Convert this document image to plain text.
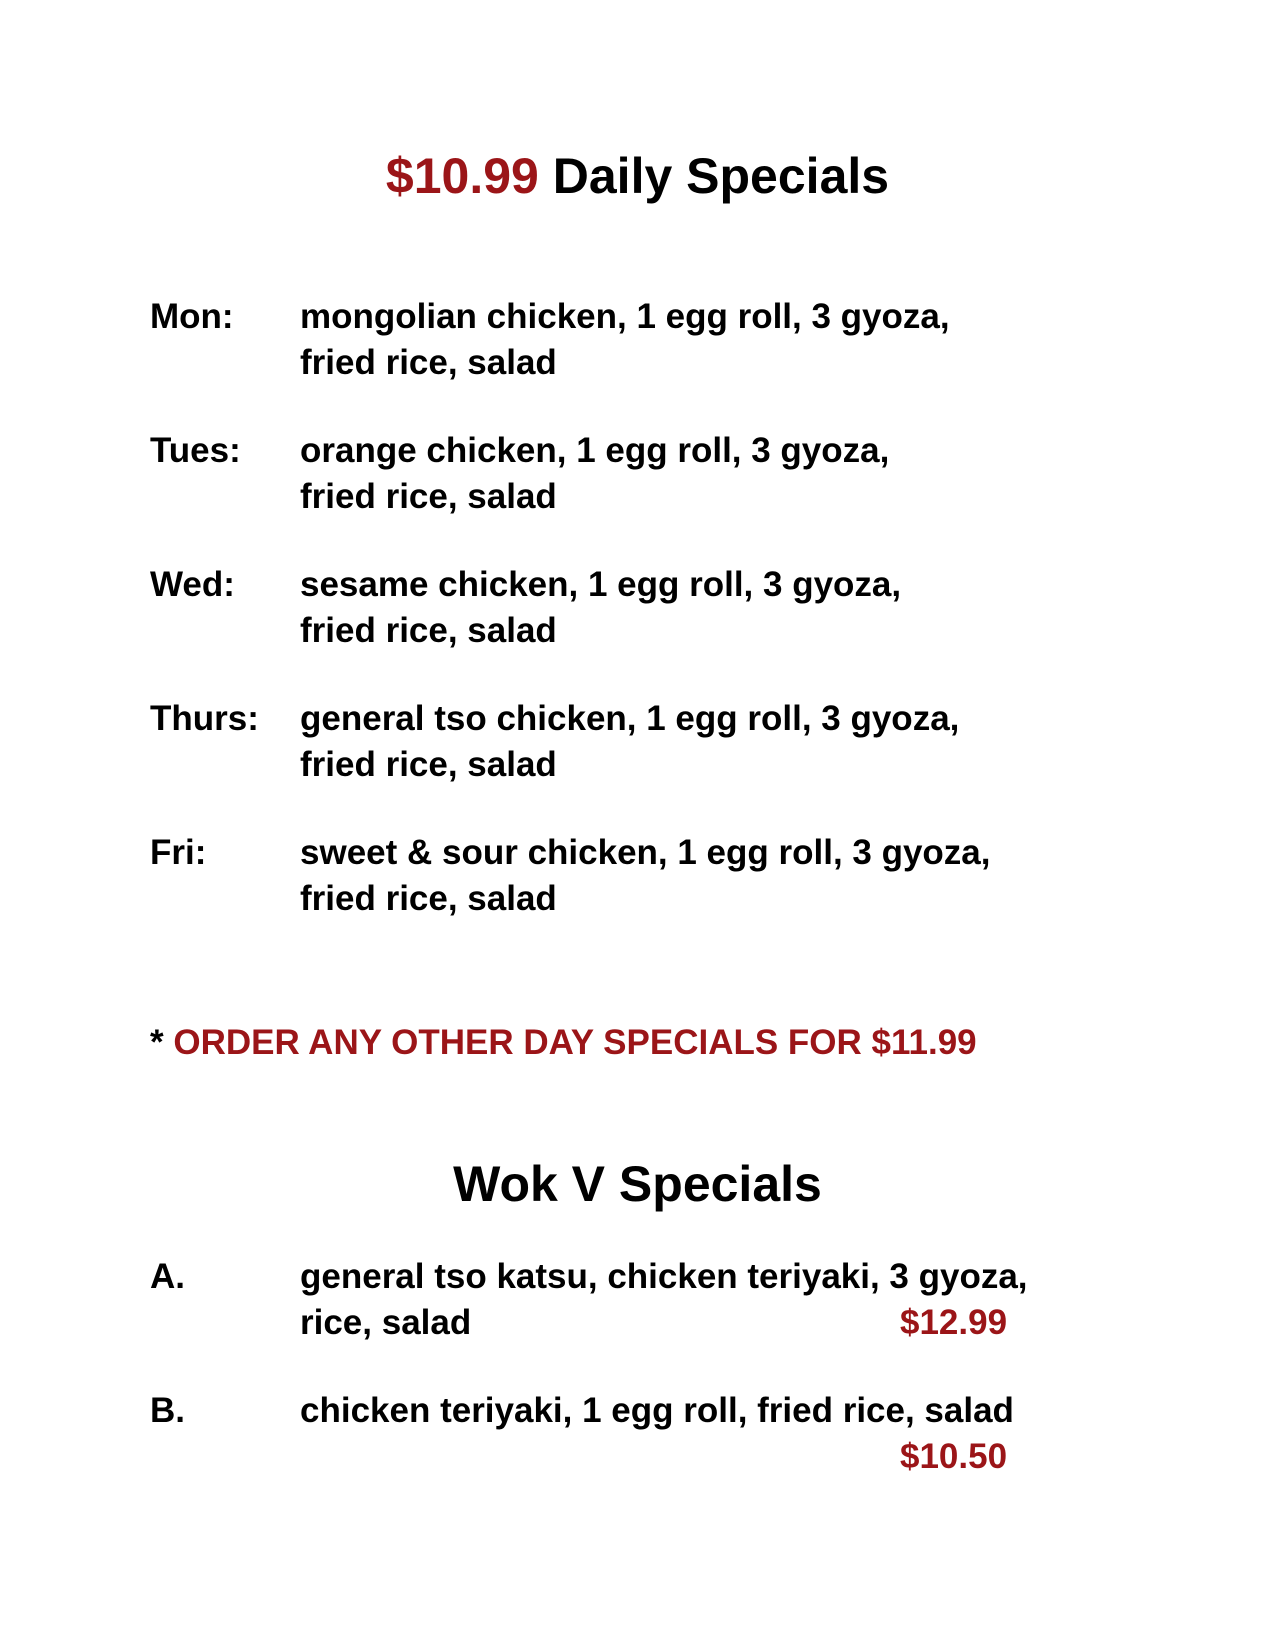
$10.99 Daily Specials
Mon: mongolian chicken, 1 egg roll, 3 gyoza,
fried rice, salad
Tues: orange chicken, 1 egg roll, 3 gyoza,
fried rice, salad
Wed: sesame chicken, 1 egg roll, 3 gyoza,
fried rice, salad
Thurs: general tso chicken, 1 egg roll, 3 gyoza,
fried rice, salad
Fri:	sweet & sour chicken, 1 egg roll, 3 gyoza,
fried rice, salad
* ORDER ANY OTHER DAY SPECIALS FOR $11.99
Wok V Specials
A.	general tso katsu, chicken teriyaki, 3 gyoza,
rice, salad	$12.99
B.	chicken teriyaki, 1 egg roll, fried rice, salad
$10.50
